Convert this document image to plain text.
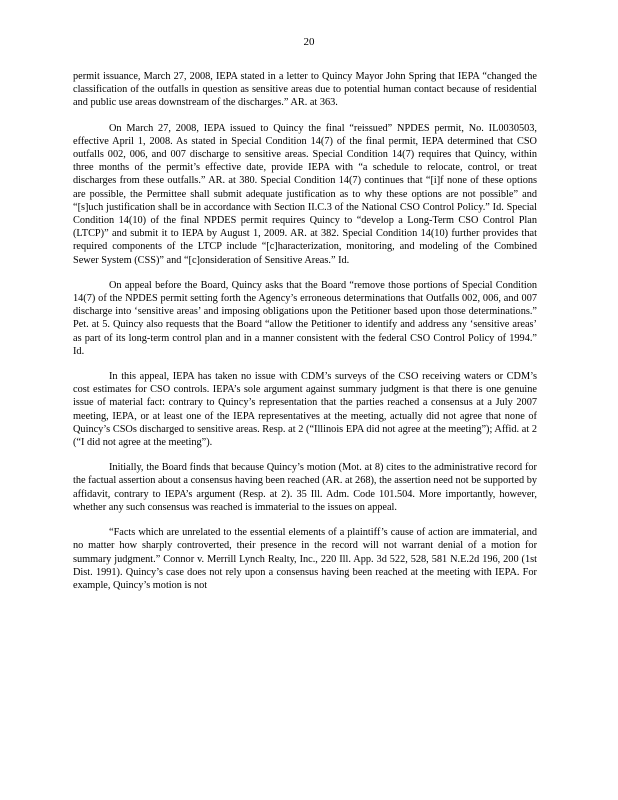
20

permit issuance, March 27, 2008, IEPA stated in a letter to Quincy Mayor John Spring that IEPA “changed the classification of the outfalls in question as sensitive areas due to potential human contact because of residential and public use areas downstream of the discharges.” AR. at 363.

On March 27, 2008, IEPA issued to Quincy the final “reissued” NPDES permit, No. IL0030503, effective April 1, 2008. As stated in Special Condition 14(7) of the final permit, IEPA determined that CSO outfalls 002, 006, and 007 discharge to sensitive areas. Special Condition 14(7) requires that Quincy, within three months of the permit’s effective date, provide IEPA with “a schedule to relocate, control, or treat discharges from these outfalls.” AR. at 380. Special Condition 14(7) continues that “[i]f none of these options are possible, the Permittee shall submit adequate justification as to why these options are not possible” and “[s]uch justification shall be in accordance with Section II.C.3 of the National CSO Control Policy.” Id. Special Condition 14(10) of the final NPDES permit requires Quincy to “develop a Long-Term CSO Control Plan (LTCP)” and submit it to IEPA by August 1, 2009. AR. at 382. Special Condition 14(10) further provides that required components of the LTCP include “[c]haracterization, monitoring, and modeling of the Combined Sewer System (CSS)” and “[c]onsideration of Sensitive Areas.” Id.

On appeal before the Board, Quincy asks that the Board “remove those portions of Special Condition 14(7) of the NPDES permit setting forth the Agency’s erroneous determinations that Outfalls 002, 006, and 007 discharge into ‘sensitive areas’ and imposing obligations upon the Petitioner based upon those determinations.” Pet. at 5. Quincy also requests that the Board “allow the Petitioner to identify and address any ‘sensitive areas’ as part of its long-term control plan and in a manner consistent with the federal CSO Control Policy of 1994.” Id.

In this appeal, IEPA has taken no issue with CDM’s surveys of the CSO receiving waters or CDM’s cost estimates for CSO controls. IEPA’s sole argument against summary judgment is that there is one genuine issue of material fact: contrary to Quincy’s representation that the parties reached a consensus at a July 2007 meeting, IEPA, or at least one of the IEPA representatives at the meeting, actually did not agree that none of Quincy’s CSOs discharged to sensitive areas. Resp. at 2 (“Illinois EPA did not agree at the meeting”); Affid. at 2 (“I did not agree at the meeting”).

Initially, the Board finds that because Quincy’s motion (Mot. at 8) cites to the administrative record for the factual assertion about a consensus having been reached (AR. at 268), the assertion need not be supported by affidavit, contrary to IEPA’s argument (Resp. at 2). 35 Ill. Adm. Code 101.504. More importantly, however, whether any such consensus was reached is immaterial to the issues on appeal.

“Facts which are unrelated to the essential elements of a plaintiff’s cause of action are immaterial, and no matter how sharply controverted, their presence in the record will not warrant denial of a motion for summary judgment.” Connor v. Merrill Lynch Realty, Inc., 220 Ill. App. 3d 522, 528, 581 N.E.2d 196, 200 (1st Dist. 1991). Quincy’s case does not rely upon a consensus having been reached at the meeting with IEPA. For example, Quincy’s motion is not
